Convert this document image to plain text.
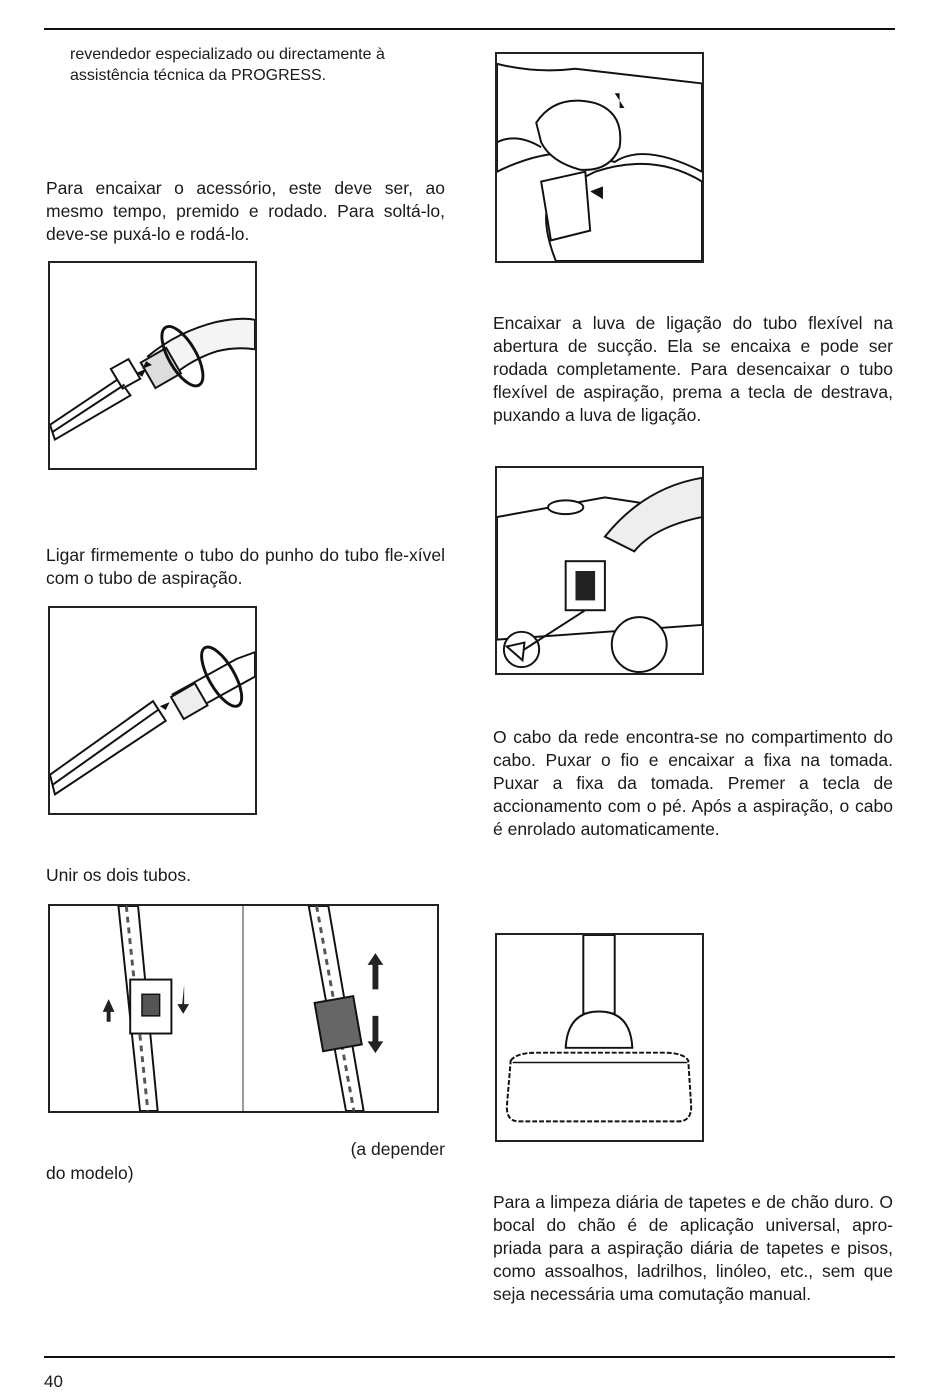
revendedor especializado ou directamente à assistência técnica da PROGRESS.

Para encaixar o acessório, este deve ser, ao mesmo tempo, premido e rodado. Para soltá-lo, deve-se puxá-lo e rodá-lo.

Ligar firmemente o tubo do punho do tubo fle-xível com o tubo de aspiração.

Unir os dois tubos.

(a depender

do modelo)

Encaixar a luva de ligação do tubo flexível na abertura de sucção. Ela se encaixa e pode ser rodada completamente. Para desencaixar o tubo flexível de aspiração, prema a tecla de destrava, puxando a luva de ligação.

O cabo da rede encontra-se no compartimento do cabo. Puxar o fio e encaixar a fixa na tomada. Puxar a fixa da tomada. Premer a tecla de accionamento com o pé. Após a aspiração, o cabo é enrolado automaticamente.

Para a limpeza diária de tapetes e de chão duro. O bocal do chão é de aplicação universal, apro-priada para a aspiração diária de tapetes e pisos, como assoalhos, ladrilhos, linóleo, etc., sem que seja necessária uma comutação manual.

40
